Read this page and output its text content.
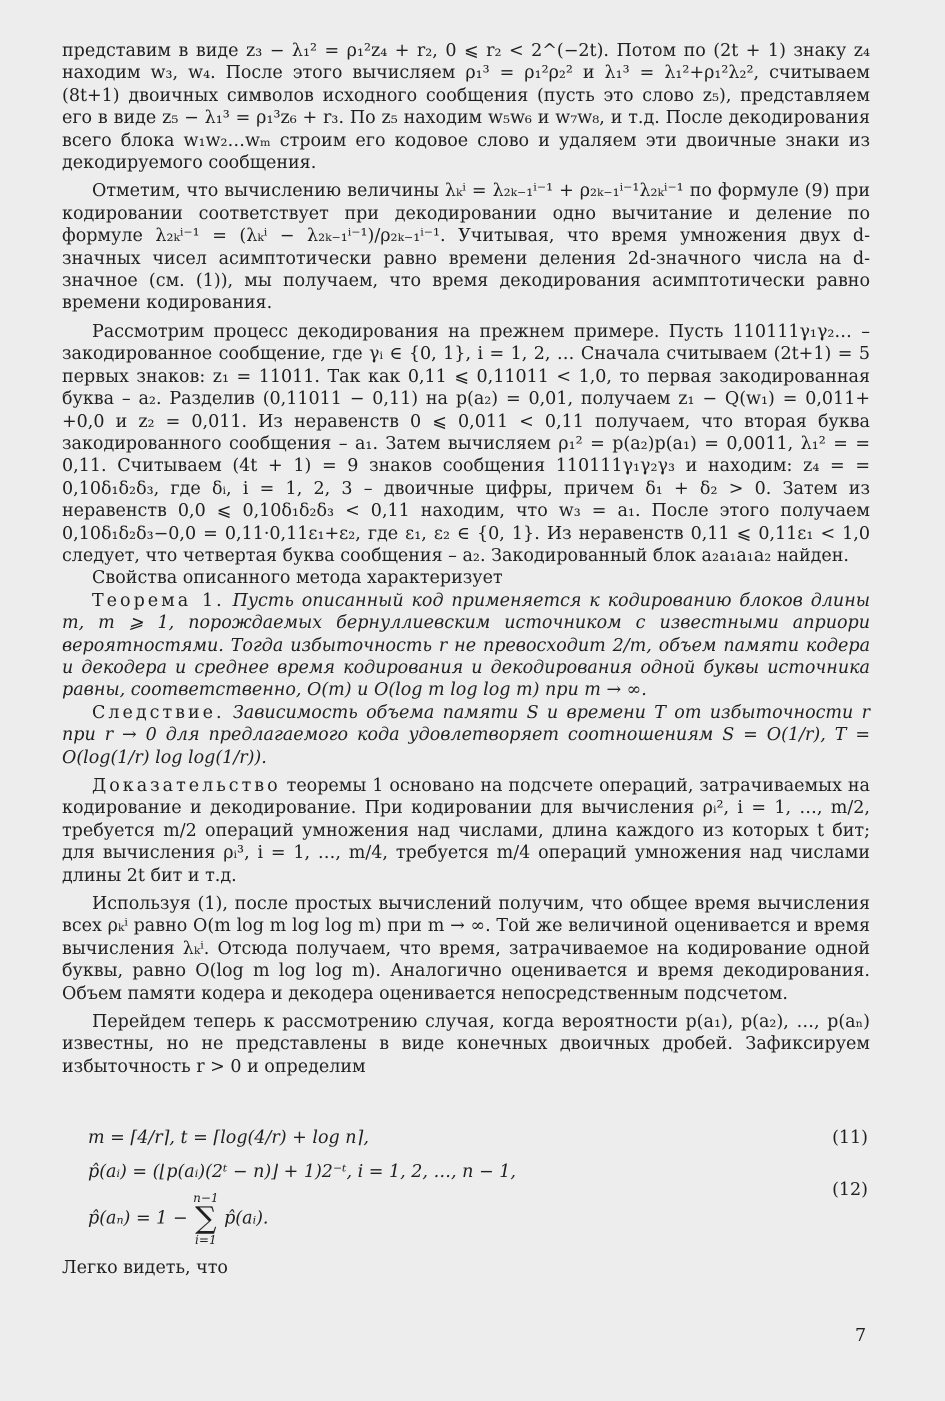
представим в виде z₃ − λ₁² = ρ₁²z₄ + r₂, 0 ⩽ r₂ < 2^(−2t). Потом по (2t + 1) знаку z₄ находим w₃, w₄. После этого вычисляем ρ₁³ = ρ₁²ρ₂² и λ₁³ = λ₁²+ρ₁²λ₂², считываем (8t+1) двоичных символов исходного сообщения (пусть это слово z₅), представляем его в виде z₅ − λ₁³ = ρ₁³z₆ + r₃. По z₅ находим w₅w₆ и w₇w₈, и т.д. После декодирования всего блока w₁w₂…wₘ строим его кодовое слово и удаляем эти двоичные знаки из декодируемого сообщения.

Отметим, что вычислению величины λₖⁱ = λ₂ₖ₋₁ⁱ⁻¹ + ρ₂ₖ₋₁ⁱ⁻¹λ₂ₖⁱ⁻¹ по формуле (9) при кодировании соответствует при декодировании одно вычитание и деление по формуле λ₂ₖⁱ⁻¹ = (λₖⁱ − λ₂ₖ₋₁ⁱ⁻¹)/ρ₂ₖ₋₁ⁱ⁻¹. Учитывая, что время умножения двух d-значных чисел асимптотически равно времени деления 2d-значного числа на d-значное (см. (1)), мы получаем, что время декодирования асимптотически равно времени кодирования.

Рассмотрим процесс декодирования на прежнем примере. Пусть 110111γ₁γ₂… – закодированное сообщение, где γᵢ ∈ {0, 1}, i = 1, 2, … Сначала считываем (2t+1) = 5 первых знаков: z₁ = 11011. Так как 0,11 ⩽ 0,11011 < 1,0, то первая закодированная буква – a₂. Разделив (0,11011 − 0,11) на p(a₂) = 0,01, получаем z₁ − Q(w₁) = 0,011+ +0,0 и z₂ = 0,011. Из неравенств 0 ⩽ 0,011 < 0,11 получаем, что вторая буква закодированного сообщения – a₁. Затем вычисляем ρ₁² = p(a₂)p(a₁) = 0,0011, λ₁² = = 0,11. Считываем (4t + 1) = 9 знаков сообщения 110111γ₁γ₂γ₃ и находим: z₄ = = 0,10δ₁δ₂δ₃, где δᵢ, i = 1, 2, 3 – двоичные цифры, причем δ₁ + δ₂ > 0. Затем из неравенств 0,0 ⩽ 0,10δ₁δ₂δ₃ < 0,11 находим, что w₃ = a₁. После этого получаем 0,10δ₁δ₂δ₃−0,0 = 0,11·0,11ε₁+ε₂, где ε₁, ε₂ ∈ {0, 1}. Из неравенств 0,11 ⩽ 0,11ε₁ < 1,0 следует, что четвертая буква сообщения – a₂. Закодированный блок a₂a₁a₁a₂ найден.

Свойства описанного метода характеризует

Теорема 1. Пусть описанный код применяется к кодированию блоков длины m, m ⩾ 1, порождаемых бернуллиевским источником с известными априори вероятностями. Тогда избыточность r не превосходит 2/m, объем памяти кодера и декодера и среднее время кодирования и декодирования одной буквы источника равны, соответственно, O(m) и O(log m log log m) при m → ∞.

Следствие. Зависимость объема памяти S и времени T от избыточности r при r → 0 для предлагаемого кода удовлетворяет соотношениям S = O(1/r), T = O(log(1/r) log log(1/r)).

Доказательство теоремы 1 основано на подсчете операций, затрачиваемых на кодирование и декодирование. При кодировании для вычисления ρᵢ², i = 1, …, m/2, требуется m/2 операций умножения над числами, длина каждого из которых t бит; для вычисления ρᵢ³, i = 1, …, m/4, требуется m/4 операций умножения над числами длины 2t бит и т.д.

Используя (1), после простых вычислений получим, что общее время вычисления всех ρₖⁱ равно O(m log m log log m) при m → ∞. Той же величиной оценивается и время вычисления λₖⁱ. Отсюда получаем, что время, затрачиваемое на кодирование одной буквы, равно O(log m log log m). Аналогично оценивается и время декодирования. Объем памяти кодера и декодера оценивается непосредственным подсчетом.

Перейдем теперь к рассмотрению случая, когда вероятности p(a₁), p(a₂), …, p(aₙ) известны, но не представлены в виде конечных двоичных дробей. Зафиксируем избыточность r > 0 и определим

m = ⌈4/r⌉, t = ⌈log(4/r) + log n⌉,	(11)
p̂(aᵢ) = (⌊p(aᵢ)(2ᵗ − n)⌋ + 1)2⁻ᵗ, i = 1, 2, …, n − 1,
p̂(aₙ) = 1 −
n−1
∑
i=1
p̂(aᵢ).
(12)
Легко видеть, что
7
